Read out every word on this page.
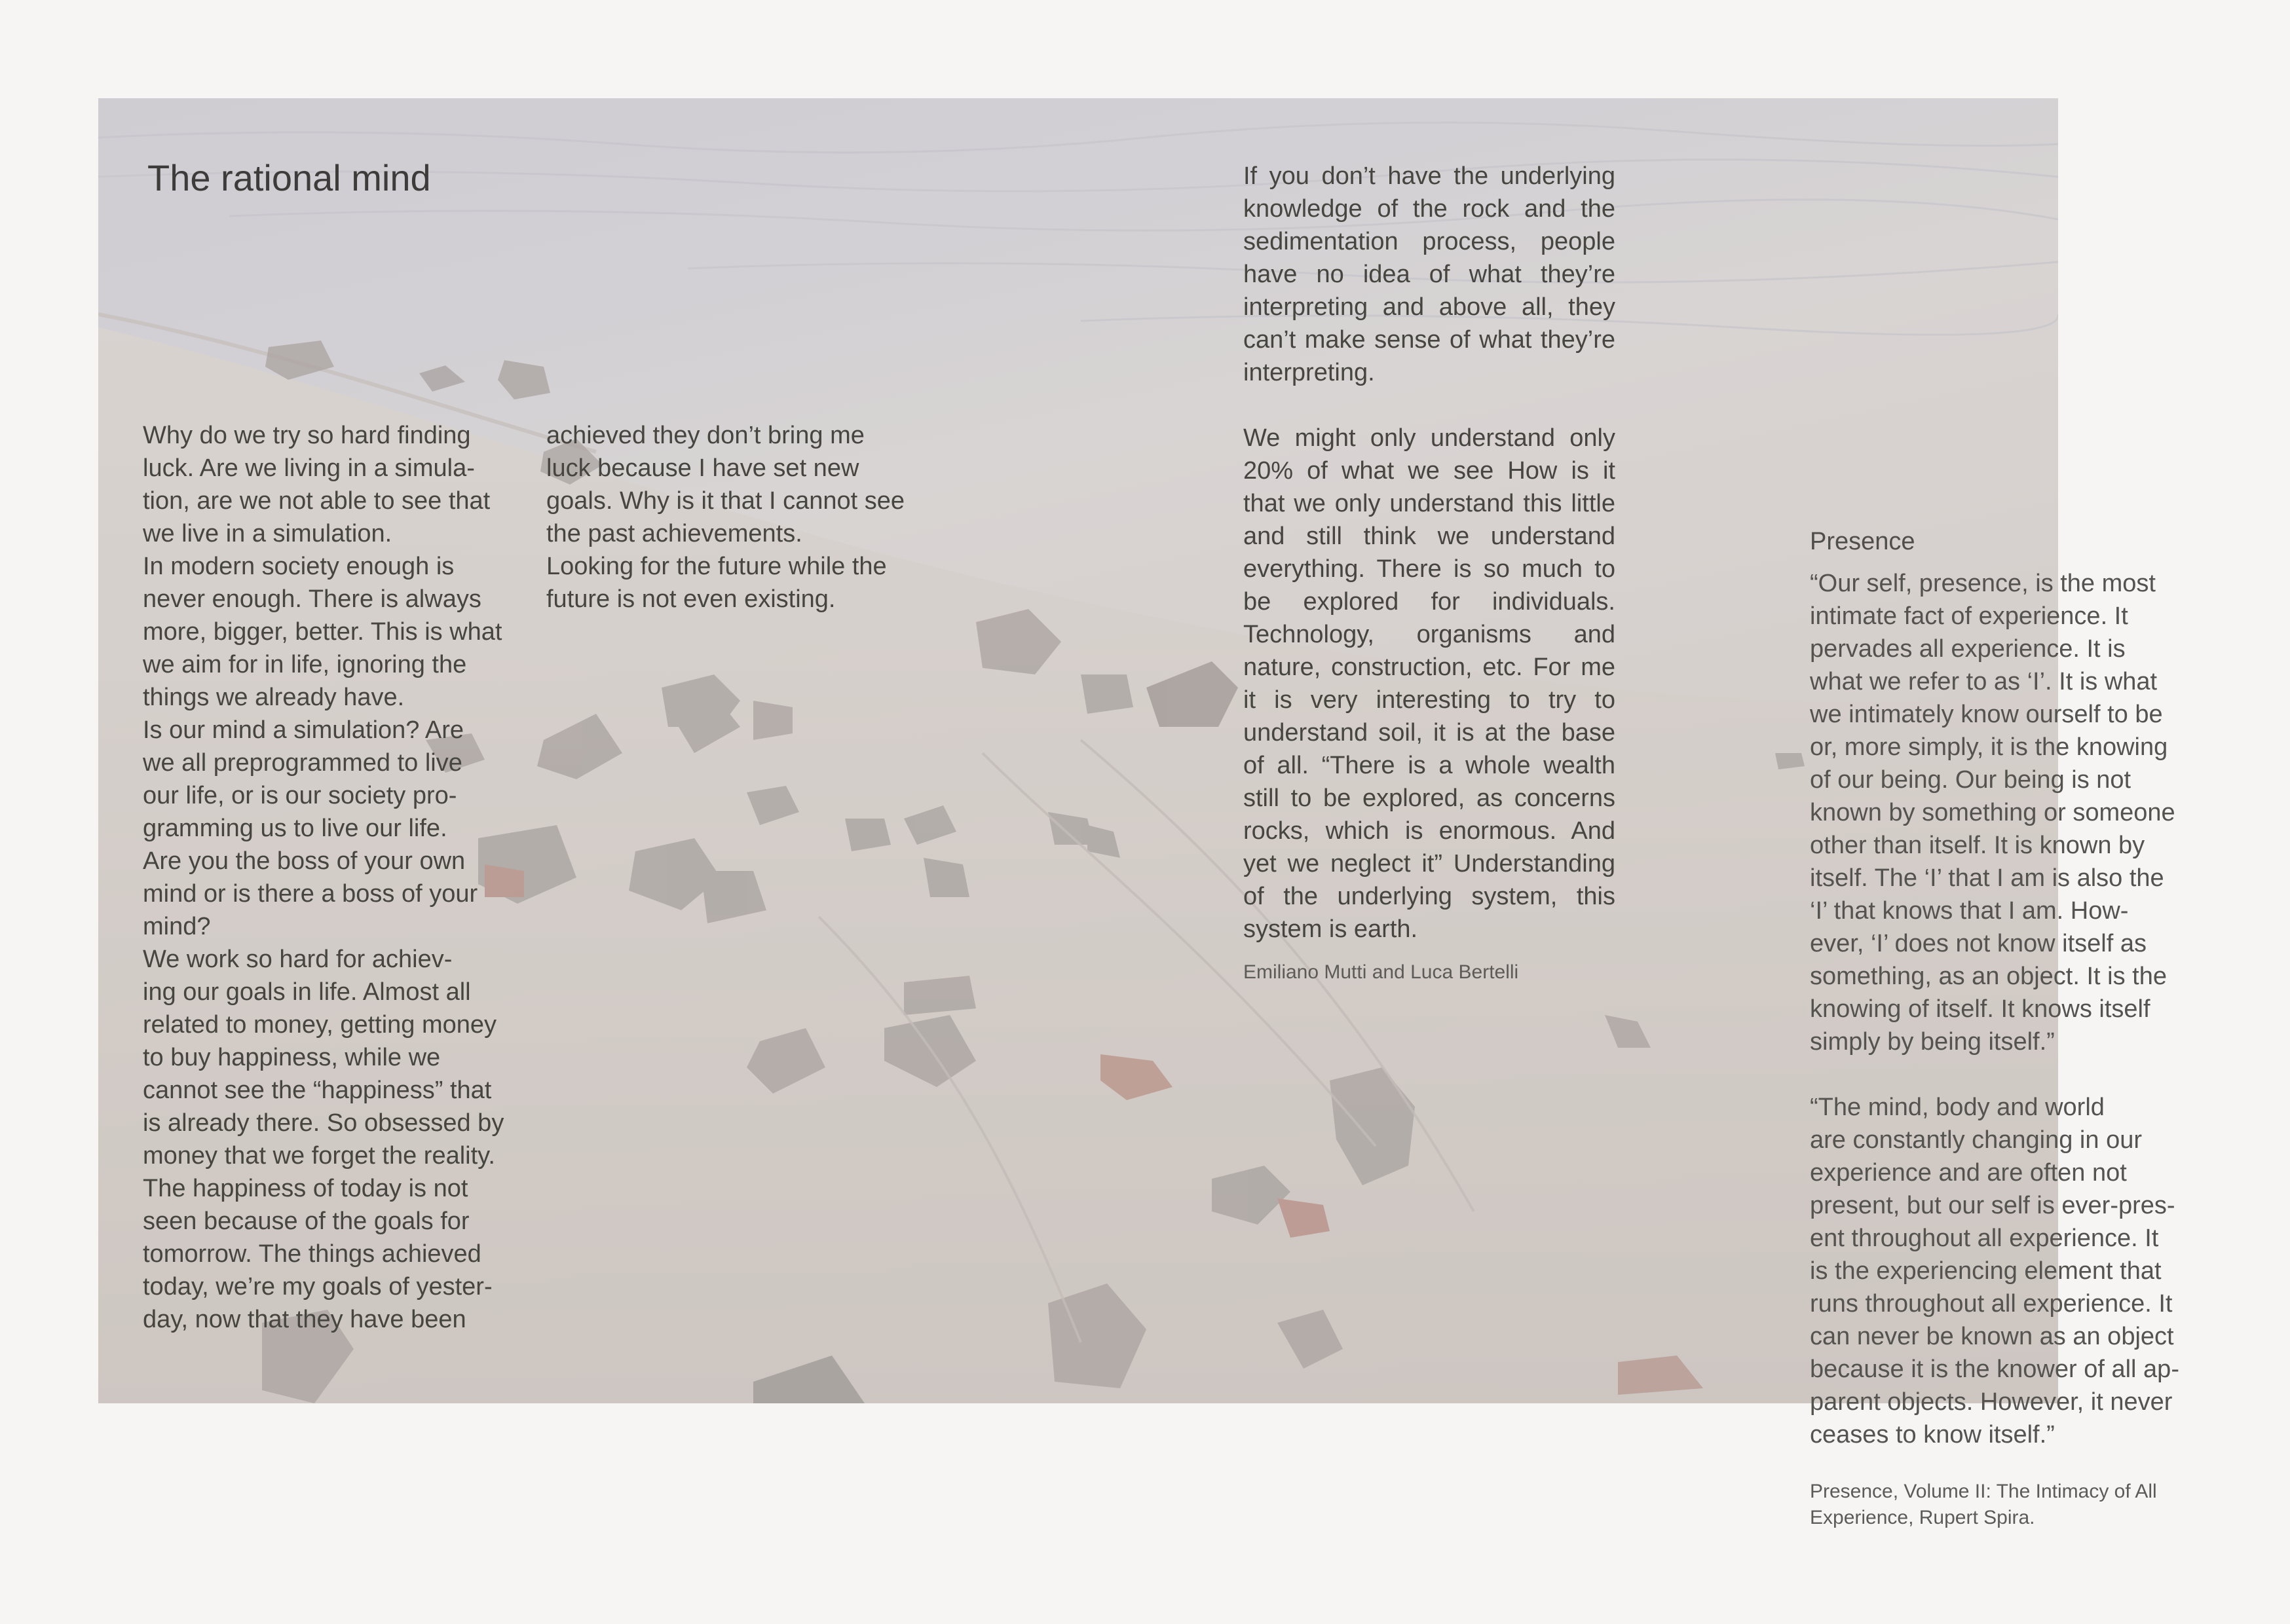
The rational mind

Why do we try so hard finding

luck. Are we living in a simula-

tion, are we not able to see that

we live in a simulation.

In modern society enough is

never enough. There is always

more, bigger, better. This is what

we aim for in life, ignoring the

things we already have.

Is our mind a simulation? Are

we all preprogrammed to live

our life, or is our society pro-

gramming us to live our life.

Are you the boss of your own

mind or is there a boss of your

mind?

We work so hard for achiev-

ing our goals in life. Almost all

related to money, getting money

to buy happiness, while we

cannot see the “happiness” that

is already there. So obsessed by

money that we forget the reality.

The happiness of today is not

seen because of the goals for

tomorrow. The things achieved

today, we’re my goals of yester-

day, now that they have been

achieved they don’t bring me

luck because I have set new

goals. Why is it that I cannot see

the past achievements.

Looking for the future while the

future is not even existing.

If you don’t have the underlying knowledge of the rock and the sedimentation process, people have no idea of what they’re interpreting and above all, they can’t make sense of what they’re interpreting.

We might only understand only 20% of what we see How is it that we only understand this little and still think we understand everything. There is so much to be explored for individuals. Technology, organisms and nature, construction, etc. For me it is very interesting to try to understand soil, it is at the base of all. “There is a whole wealth still to be explored, as concerns rocks, which is enormous. And yet we neglect it” Understanding of the underlying system, this system is earth.

Emiliano Mutti and Luca Bertelli
Presence

“Our self, presence, is the most

intimate fact of experience. It

pervades all experience. It is

what we refer to as ‘I’. It is what

we intimately know ourself to be

or, more simply, it is the knowing

of our being. Our being is not

known by something or someone

other than itself. It is known by

itself. The ‘I’ that I am is also the

‘I’ that knows that I am. How-

ever, ‘I’ does not know itself as

something, as an object. It is the

knowing of itself. It knows itself

simply by being itself.”

“The mind, body and world

are constantly changing in our

experience and are often not

present, but our self is ever-pres-

ent throughout all experience. It

is the experiencing element that

runs throughout all experience. It

can never be known as an object

because it is the knower of all ap-

parent objects. However, it never

ceases to know itself.”

Presence, Volume II: The Intimacy of All
Experience, Rupert Spira.
